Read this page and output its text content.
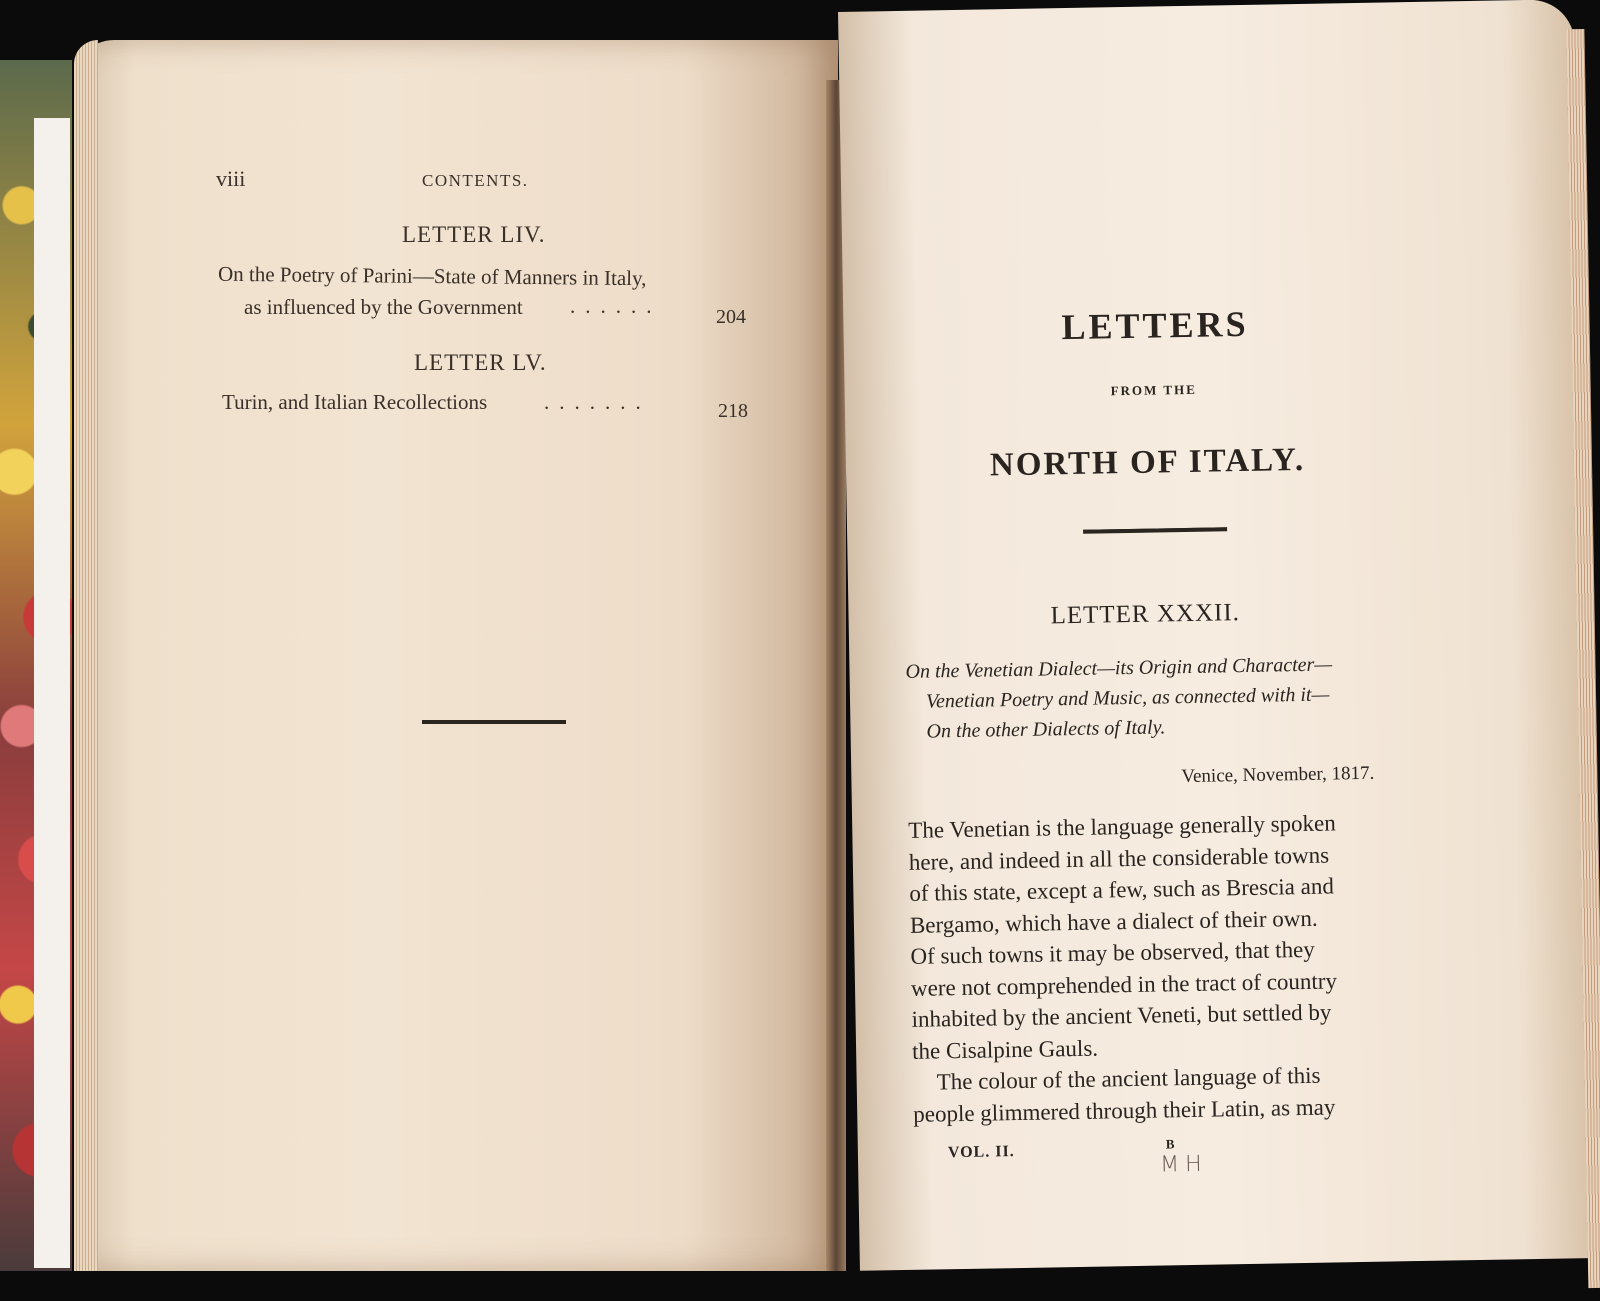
viii	CONTENTS.
LETTER LIV.
On the Poetry of Parini—State of Manners in Italy,
as influenced by the Government ......	204
LETTER LV.
Turin, and Italian Recollections	.......	218
LETTERS
FROM THE
NORTH OF ITALY.
LETTER XXXII.
On the Venetian Dialect—its Origin and Character—
Venetian Poetry and Music, as connected with it—
On the other Dialects of Italy.
Venice, November, 1817.
The Venetian is the language generally spoken
here, and indeed in all the considerable towns
of this state, except a few, such as Brescia and
Bergamo, which have a dialect of their own.
Of such towns it may be observed, that they
were not comprehended in the tract of country
inhabited by the ancient Veneti, but settled by
the Cisalpine Gauls.
The colour of the ancient language of this
people glimmered through their Latin, as may
VOL. II.	B
MH
